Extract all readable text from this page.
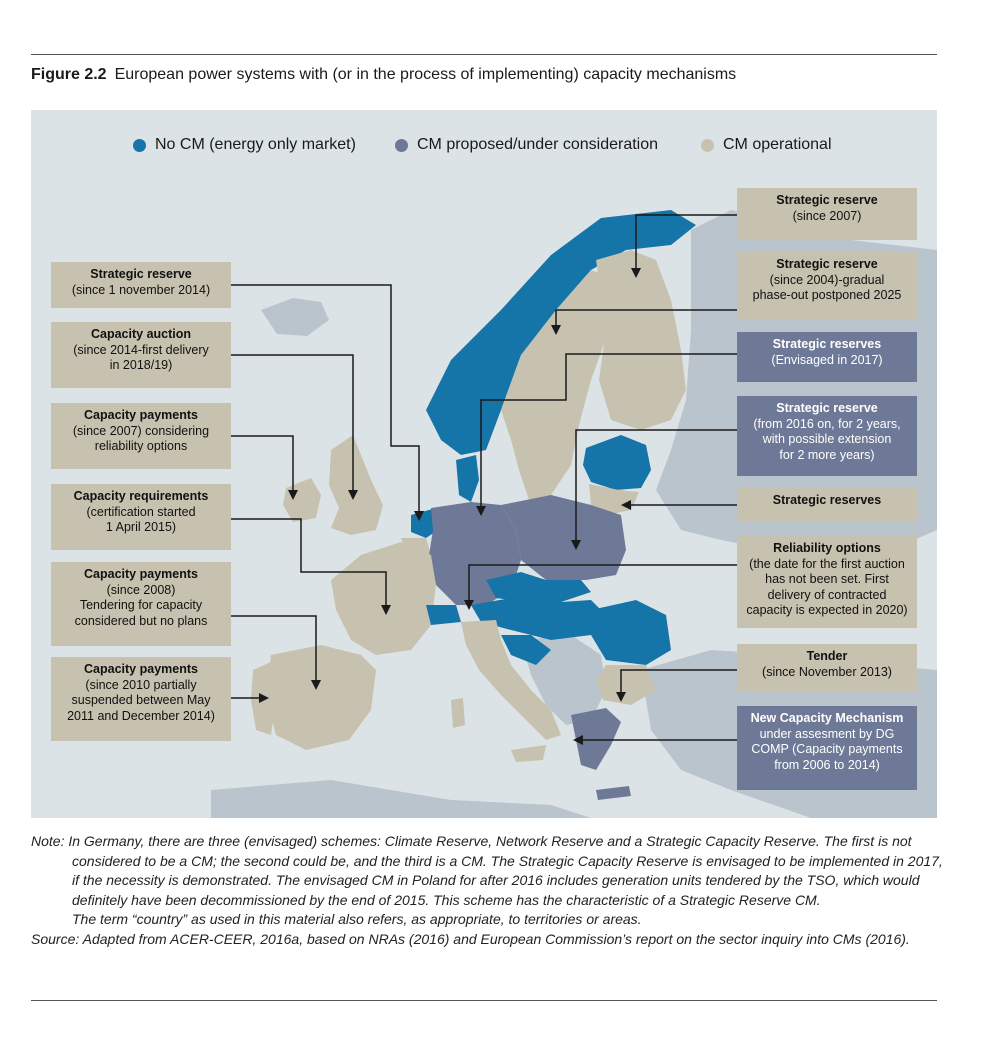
Figure 2.2 European power systems with (or in the process of implementing) capacity mechanisms
No CM (energy only market)	CM proposed/under consideration	CM operational
Strategic reserve
(since 1 november 2014)
Capacity auction
(since 2014-first delivery
in 2018/19)
Capacity payments
(since 2007) considering
reliability options
Capacity requirements
(certification started
1 April 2015)
Capacity payments
(since 2008)
Tendering for capacity
considered but no plans
Capacity payments
(since 2010 partially
suspended between May
2011 and December 2014)
Strategic reserve
(since 2007)
Strategic reserve
(since 2004)-gradual
phase-out postponed 2025
Strategic reserves
(Envisaged in 2017)
Strategic reserve
(from 2016 on, for 2 years,
with possible extension
for 2 more years)
Strategic reserves
Reliability options
(the date for the first auction
has not been set. First
delivery of contracted
capacity is expected in 2020)
Tender
(since November 2013)
New Capacity Mechanism
under assesment by DG
COMP (Capacity payments
from 2006 to 2014)

Note: In Germany, there are three (envisaged) schemes: Climate Reserve, Network Reserve and a Strategic Capacity Reserve. The first is not considered to be a CM; the second could be, and the third is a CM. The Strategic Capacity Reserve is envisaged to be implemented in 2017, if the necessity is demonstrated. The envisaged CM in Poland for after 2016 includes generation units tendered by the TSO, which would definitely have been decommissioned by the end of 2015. This scheme has the characteristic of a Strategic Reserve CM.

The term “country” as used in this material also refers, as appropriate, to territories or areas.

Source: Adapted from ACER-CEER, 2016a, based on NRAs (2016) and European Commission’s report on the sector inquiry into CMs (2016).
